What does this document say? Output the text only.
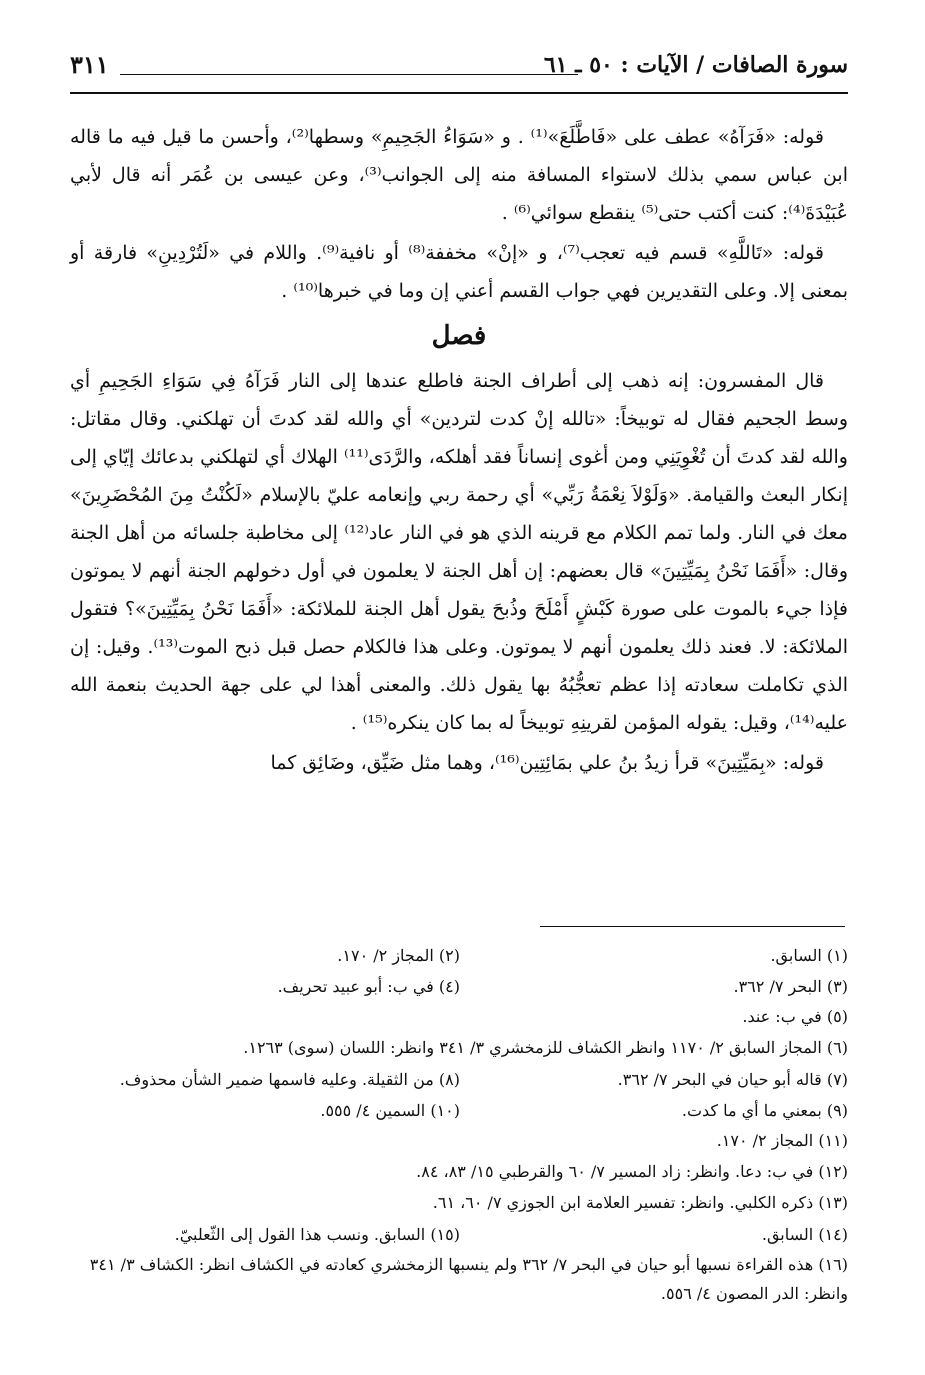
سورة الصافات / الآيات : ٥٠ ـ ٦١
٣١١

قوله: «فَرَآهُ» عطف على «فَاطَّلَعَ»⁽¹⁾ . و «سَوَاءُ الجَحِيمِ» وسطها⁽²⁾، وأحسن ما قيل فيه ما قاله ابن عباس سمي بذلك لاستواء المسافة منه إلى الجوانب⁽³⁾، وعن عيسى بن عُمَر أنه قال لأبي عُبَيْدَةَ⁽⁴⁾: كنت أكتب حتى⁽⁵⁾ ينقطع سوائي⁽⁶⁾ .

قوله: «تَاللَّهِ» قسم فيه تعجب⁽⁷⁾، و «إنْ» مخففة⁽⁸⁾ أو نافية⁽⁹⁾. واللام في «لَتُرْدِينِ» فارقة أو بمعنى إلا. وعلى التقديرين فهي جواب القسم أعني إن وما في خبرها⁽¹⁰⁾ .

فصل

قال المفسرون: إنه ذهب إلى أطراف الجنة فاطلع عندها إلى النار فَرَآهُ فِي سَوَاءِ الجَحِيمِ أي وسط الجحيم فقال له توبيخاً: «تالله إنْ كدت لتردين» أي والله لقد كدتَ أن تهلكني. وقال مقاتل: والله لقد كدتَ أن تُغْوِيَنِي ومن أغوى إنساناً فقد أهلكه، والرَّدَى⁽¹¹⁾ الهلاك أي لتهلكني بدعائك إيّاي إلى إنكار البعث والقيامة. «وَلَوْلاَ نِعْمَةُ رَبِّي» أي رحمة ربي وإنعامه عليّ بالإسلام «لَكُنْتُ مِنَ المُحْضَرِينَ» معك في النار. ولما تمم الكلام مع قرينه الذي هو في النار عاد⁽¹²⁾ إلى مخاطبة جلسائه من أهل الجنة وقال: «أَفَمَا نَحْنُ بِمَيِّتِينَ» قال بعضهم: إن أهل الجنة لا يعلمون في أول دخولهم الجنة أنهم لا يموتون فإذا جيء بالموت على صورة كَبْشٍ أَمْلَحَ وذُبحَ يقول أهل الجنة للملائكة: «أَفَمَا نَحْنُ بِمَيِّتِينَ»؟ فتقول الملائكة: لا. فعند ذلك يعلمون أنهم لا يموتون. وعلى هذا فالكلام حصل قبل ذبح الموت⁽¹³⁾. وقيل: إن الذي تكاملت سعادته إذا عظم تعجُّبُهُ بها يقول ذلك. والمعنى أهذا لي على جهة الحديث بنعمة الله عليه⁽¹⁴⁾، وقيل: يقوله المؤمن لقرينِهِ توبيخاً له بما كان ينكره⁽¹⁵⁾ .

قوله: «بِمَيِّتِينَ» قرأ زيدُ بنُ علي بمَائِتِين⁽¹⁶⁾، وهما مثل ضَيِّق، وضَائِق كما

(١) السابق.
(٢) المجاز ٢/ ١٧٠.
(٣) البحر ٧/ ٣٦٢.
(٤) في ب: أبو عبيد تحريف.
(٥) في ب: عند.
(٦) المجاز السابق ٢/ ١١٧٠ وانظر الكشاف للزمخشري ٣/ ٣٤١ وانظر: اللسان (سوى) ١٢٦٣.
(٧) قاله أبو حيان في البحر ٧/ ٣٦٢.
(٨) من الثقيلة. وعليه فاسمها ضمير الشأن محذوف.
(٩) بمعني ما أي ما كدت.
(١٠) السمين ٤/ ٥٥٥.
(١١) المجاز ٢/ ١٧٠.
(١٢) في ب: دعا. وانظر: زاد المسير ٧/ ٦٠ والقرطبي ١٥/ ٨٣، ٨٤.
(١٣) ذكره الكلبي. وانظر: تفسير العلامة ابن الجوزي ٧/ ٦٠، ٦١.
(١٤) السابق.
(١٥) السابق. ونسب هذا القول إلى الثّعلبيّ.
(١٦) هذه القراءة نسبها أبو حيان في البحر ٧/ ٣٦٢ ولم ينسبها الزمخشري كعادته في الكشاف انظر: الكشاف ٣/ ٣٤١ وانظر: الدر المصون ٤/ ٥٥٦.
